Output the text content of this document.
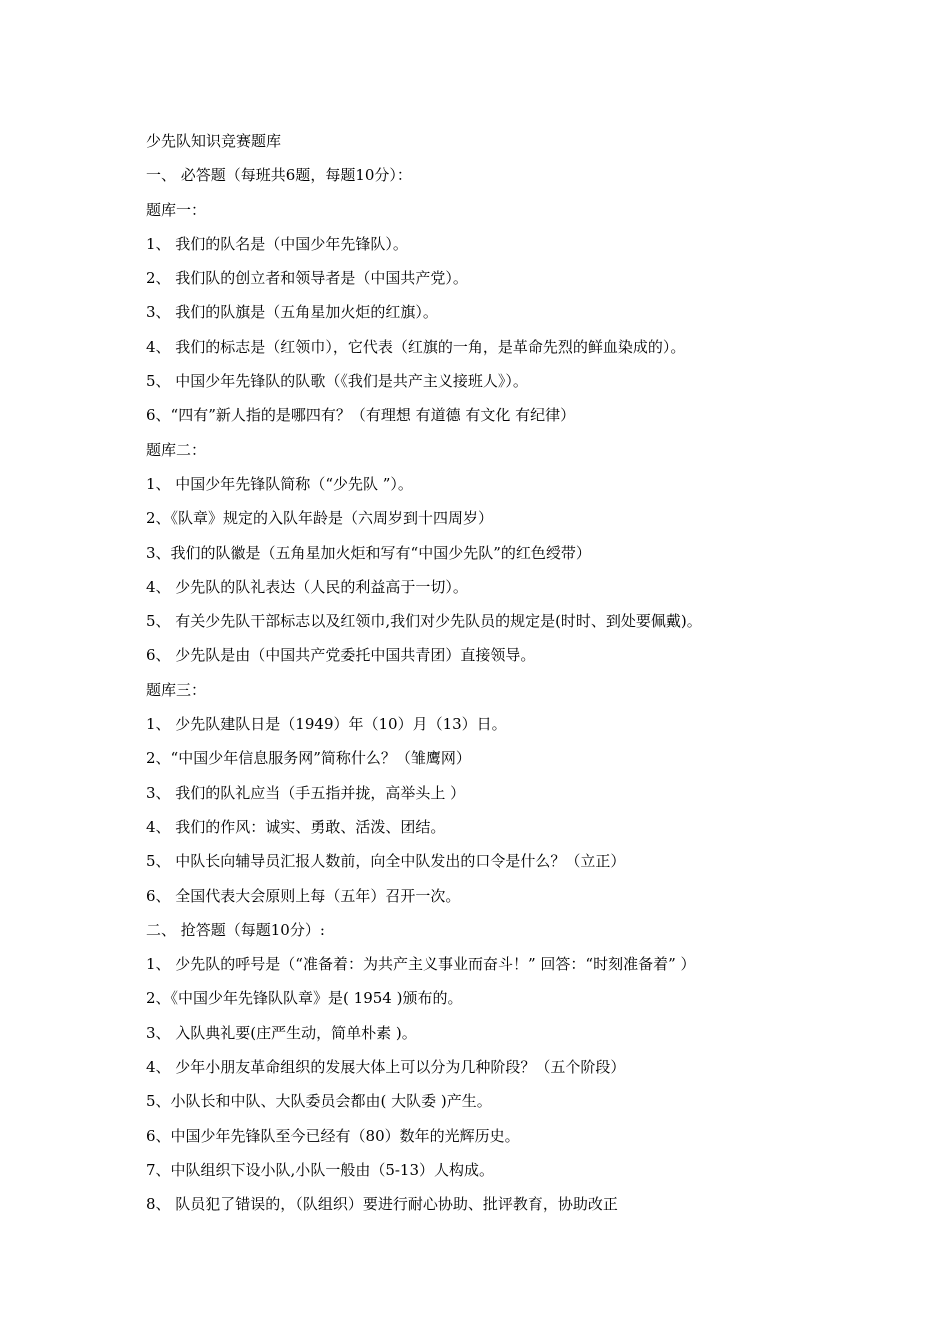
少先队知识竞赛题库
一、 必答题（每班共6题，每题10分）：
题库一：
1、 我们的队名是（中国少年先锋队）。
2、 我们队的创立者和领导者是（中国共产党）。
3、 我们的队旗是（五角星加火炬的红旗）。
4、 我们的标志是（红领巾），它代表（红旗的一角，是革命先烈的鲜血染成的）。
5、 中国少年先锋队的队歌（《我们是共产主义接班人》）。
6、“四有”新人指的是哪四有？（有理想 有道德 有文化 有纪律）
题库二：
1、 中国少年先锋队简称（“少先队 ”）。
2、《队章》规定的入队年龄是（六周岁到十四周岁）
3、我们的队徽是（五角星加火炬和写有“中国少先队”的红色绶带）
4、 少先队的队礼表达（人民的利益高于一切）。
5、 有关少先队干部标志以及红领巾,我们对少先队员的规定是(时时、到处要佩戴)。
6、 少先队是由（中国共产党委托中国共青团）直接领导。
题库三：
1、 少先队建队日是（1949）年（10）月（13）日。
2、“中国少年信息服务网”简称什么？（雏鹰网）
3、 我们的队礼应当（手五指并拢，高举头上 ）
4、 我们的作风：诚实、勇敢、活泼、团结。
5、 中队长向辅导员汇报人数前，向全中队发出的口令是什么？（立正）
6、 全国代表大会原则上每（五年）召开一次。
二、 抢答题（每题10分）:
1、 少先队的呼号是（“准备着：为共产主义事业而奋斗！” 回答：“时刻准备着” ）
2、《中国少年先锋队队章》是( 1954 )颁布的。
3、 入队典礼要(庄严生动，简单朴素 )。
4、 少年小朋友革命组织的发展大体上可以分为几种阶段？（五个阶段）
5、小队长和中队、大队委员会都由( 大队委 )产生。
6、中国少年先锋队至今已经有（80）数年的光辉历史。
7、中队组织下设小队,小队一般由（5-13）人构成。
8、 队员犯了错误的，（队组织）要进行耐心协助、批评教育，协助改正
